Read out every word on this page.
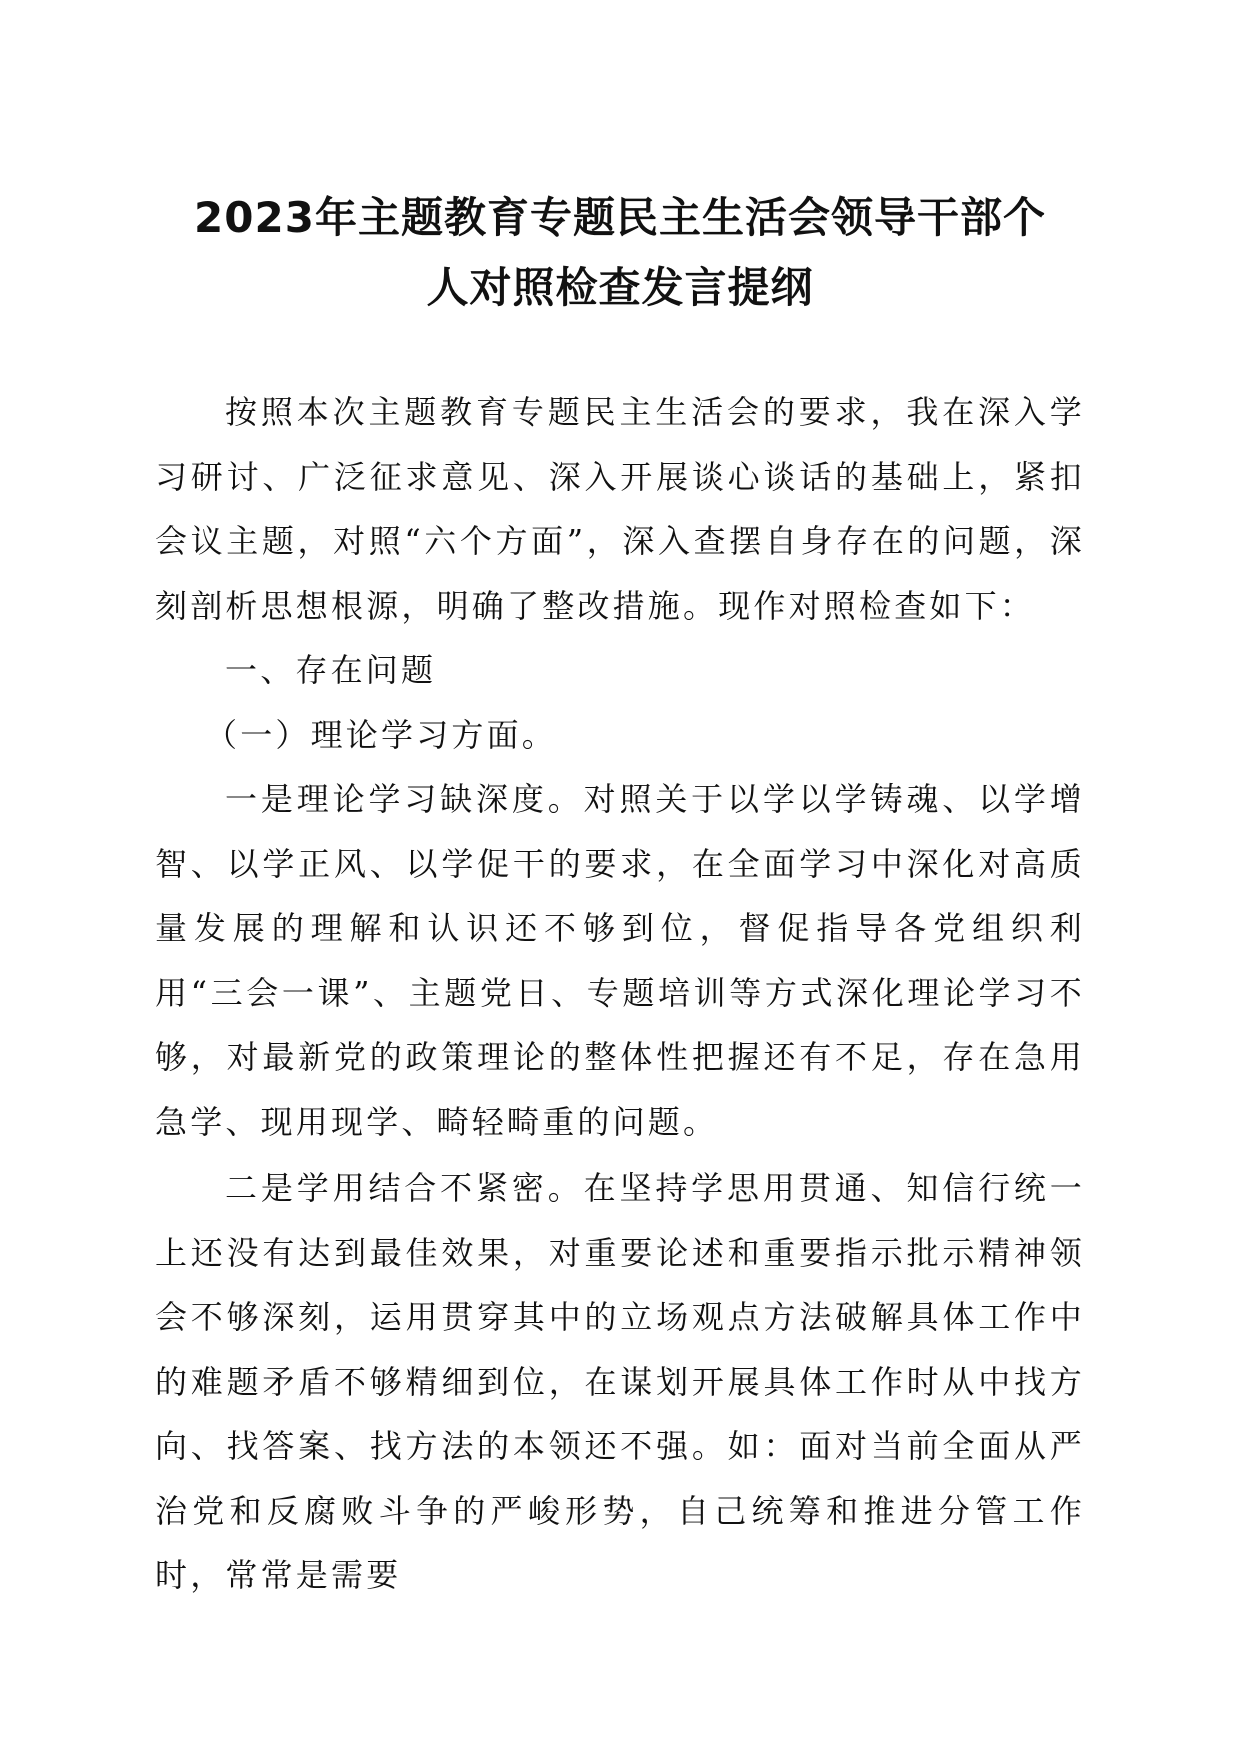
2023年主题教育专题民主生活会领导干部个
人对照检查发言提纲

按照本次主题教育专题民主生活会的要求，我在深入学习研讨、广泛征求意见、深入开展谈心谈话的基础上，紧扣会议主题，对照“六个方面”，深入查摆自身存在的问题，深刻剖析思想根源，明确了整改措施。现作对照检查如下：

一、存在问题

（一）理论学习方面。

一是理论学习缺深度。对照关于以学以学铸魂、以学增智、以学正风、以学促干的要求，在全面学习中深化对高质量发展的理解和认识还不够到位，督促指导各党组织利用“三会一课”、主题党日、专题培训等方式深化理论学习不够，对最新党的政策理论的整体性把握还有不足，存在急用急学、现用现学、畸轻畸重的问题。

二是学用结合不紧密。在坚持学思用贯通、知信行统一上还没有达到最佳效果，对重要论述和重要指示批示精神领会不够深刻，运用贯穿其中的立场观点方法破解具体工作中的难题矛盾不够精细到位，在谋划开展具体工作时从中找方向、找答案、找方法的本领还不强。如：面对当前全面从严治党和反腐败斗争的严峻形势，自己统筹和推进分管工作时，常常是需要
